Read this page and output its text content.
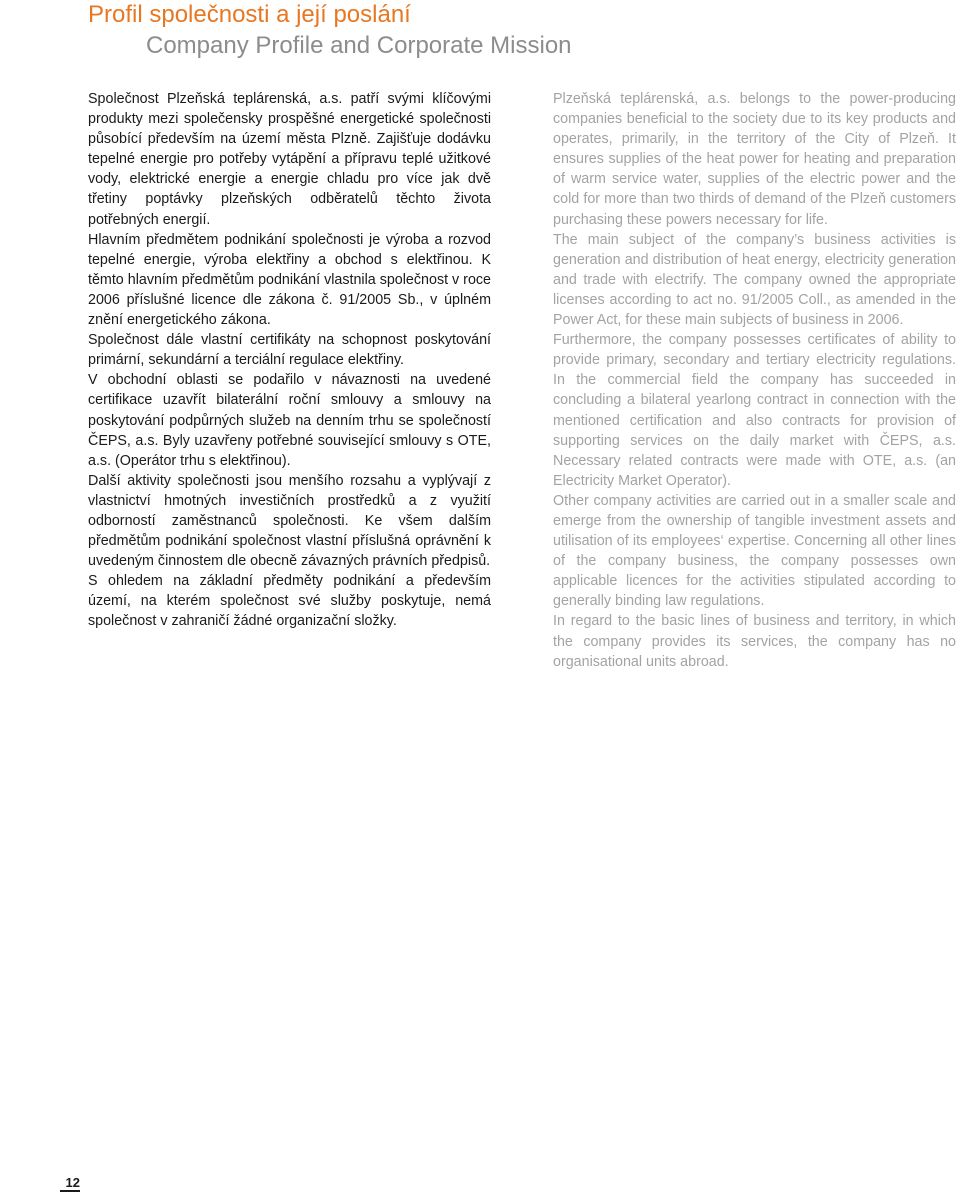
Profil společnosti a její poslání
Company Profile and Corporate Mission

Společnost Plzeňská teplárenská, a.s. patří svými klíčovými produkty mezi společensky prospěšné energetické společnosti působící především na území města Plzně. Zajišťuje dodávku tepelné energie pro potřeby vytápění a přípravu teplé užitkové vody, elektrické energie a energie chladu pro více jak dvě třetiny poptávky plzeňských odběratelů těchto života potřebných energií.

Hlavním předmětem podnikání společnosti je výroba a rozvod tepelné energie, výroba elektřiny a obchod s elektřinou. K těmto hlavním předmětům podnikání vlastnila společnost v roce 2006 příslušné licence dle zákona č. 91/2005 Sb., v úplném znění energetického zákona.

Společnost dále vlastní certifikáty na schopnost poskytování primární, sekundární a terciální regulace elektřiny.

V obchodní oblasti se podařilo v návaznosti na uvedené certifikace uzavřít bilaterální roční smlouvy a smlouvy na poskytování podpůrných služeb na denním trhu se společností ČEPS, a.s. Byly uzavřeny potřebné související smlouvy s OTE, a.s. (Operátor trhu s elektřinou).

Další aktivity společnosti jsou menšího rozsahu a vyplývají z vlastnictví hmotných investičních prostředků a z využití odborností zaměstnanců společnosti. Ke všem dalším předmětům podnikání společnost vlastní příslušná oprávnění k uvedeným činnostem dle obecně závazných právních předpisů.

S ohledem na základní předměty podnikání a především území, na kterém společnost své služby poskytuje, nemá společnost v zahraničí žádné organizační složky.

Plzeňská teplárenská, a.s. belongs to the power-producing companies beneficial to the society due to its key products and operates, primarily, in the territory of the City of Plzeň. It ensures supplies of the heat power for heating and preparation of warm service water, supplies of the electric power and the cold for more than two thirds of demand of the Plzeň customers purchasing these powers necessary for life.

The main subject of the company’s business activities is generation and distribution of heat energy, electricity generation and trade with electrify. The company owned the appropriate licenses according to act no. 91/2005 Coll., as amended in the Power Act, for these main subjects of business in 2006.

Furthermore, the company possesses certificates of ability to provide primary, secondary and tertiary electricity regulations. In the commercial field the company has succeeded in concluding a bilateral yearlong contract in connection with the mentioned certification and also contracts for provision of supporting services on the daily market with ČEPS, a.s. Necessary related contracts were made with OTE, a.s. (an Electricity Market Operator).

Other company activities are carried out in a smaller scale and emerge from the ownership of tangible investment assets and utilisation of its employees‘ expertise. Concerning all other lines of the company business, the company possesses own applicable licences for the activities stipulated according to generally binding law regulations.

In regard to the basic lines of business and territory, in which the company provides its services, the company has no organisational units abroad.

12
